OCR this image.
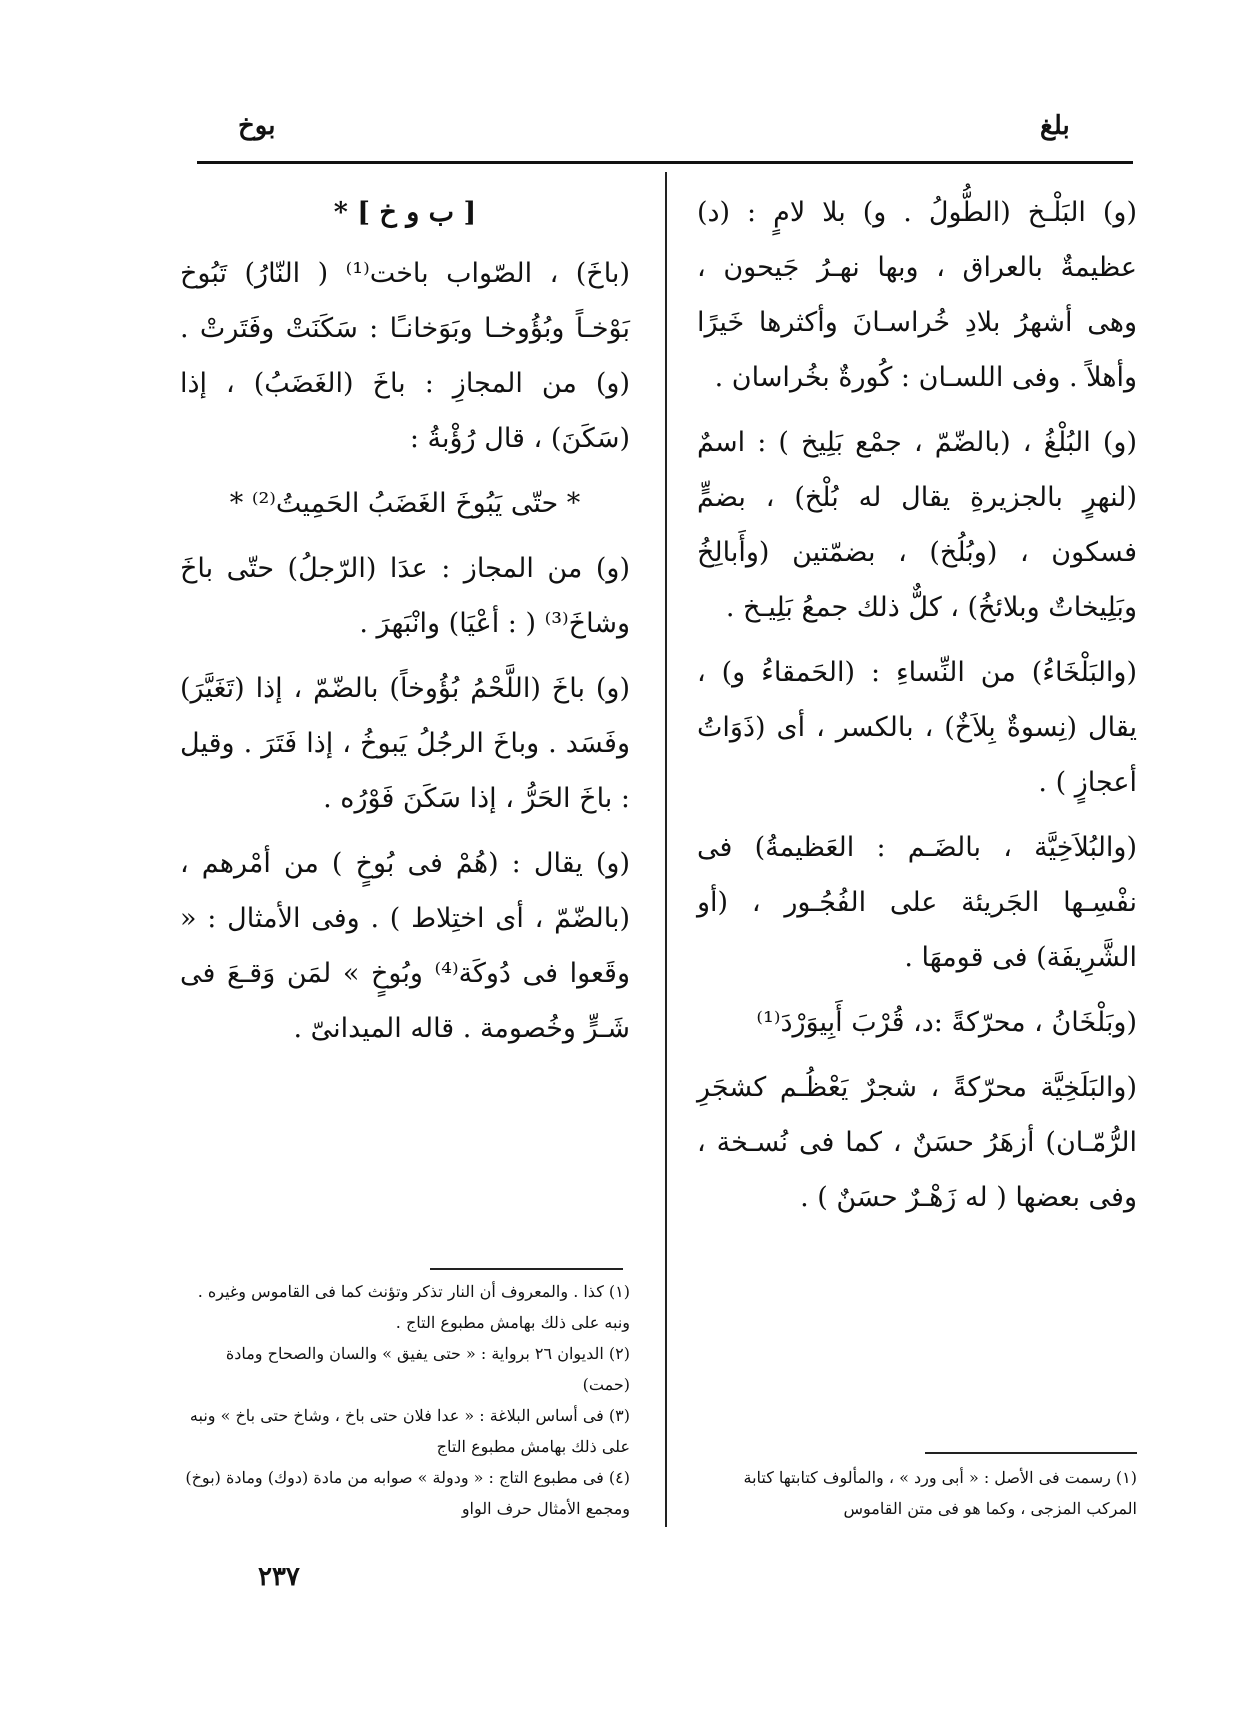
بلغ
بوخ

(و) البَلْـخ (الطُّولُ . و) بلا لامٍ : (د) عظيمةٌ بالعراق ، وبها نهـرُ جَيحون ، وهى أشهرُ بلادِ خُراسـانَ وأكثرها خَيرًا وأهلاً . وفى اللسـان : كُورةٌ بخُراسان .

(و) البُلْغُ ، (بالضّمّ ، جمْع بَلِيخ ) : اسمٌ (لنهرٍ بالجزيرةِ يقال له بُلْخ) ، بضمٍّ فسكون ، (وبُلُخ) ، بضمّتين (وأَبالِخُ وبَلِيخاتٌ وبلائخُ) ، كلٌّ ذلك جمعُ بَلِيـخ .

(والبَلْخَاءُ) من النِّساءِ : (الحَمقاءُ و) ، يقال (نِسوةٌ بِلاَخٌ) ، بالكسر ، أى (ذَوَاتُ أعجازٍ ) .

(والبُلاَخِيَّة ، بالضَـم : العَظيمةُ) فى نفْسِـها الجَريئة على الفُجُـور ، (أو الشَّرِيفَة) فى قومهَا .

(وبَلْخَانُ ، محرّكةً :د، قُرْبَ أَبِيوَرْدَ⁽¹⁾

(والبَلَخِيَّة محرّكةً ، شجرٌ يَعْظُـم كشجَرِ الرُّمّـان) أزهَرُ حسَنٌ ، كما فى نُسـخة ، وفى بعضها ( له زَهْـرٌ حسَنٌ ) .

[ ب و خ ] *

(باخَ) ، الصّواب باخت⁽¹⁾ ( النّارُ) تَبُوخ بَوْخـاً وبُؤُوخـا وبَوَخانـًا : سَكَنَتْ وفَتَرتْ . (و) من المجازِ : باخَ (الغَضَبُ) ، إذا (سَكَنَ) ، قال رُؤْبةُ :

* حتّى يَبُوخَ الغَضَبُ الحَمِيتُ⁽²⁾ *

(و) من المجاز : عدَا (الرّجلُ) حتّى باخَ وشاخَ⁽³⁾ ( : أعْيَا) وانْبَهرَ .

(و) باخَ (اللَّحْمُ بُؤُوخاً) بالضّمّ ، إذا (تَغَيَّرَ) وفَسَد . وباخَ الرجُلُ يَبوخُ ، إذا فَتَرَ . وقيل : باخَ الحَرُّ ، إذا سَكَنَ فَوْرُه .

(و) يقال : (هُمْ فى بُوخٍ ) من أمْرهم ، (بالضّمّ ، أى اختِلاط ) . وفى الأمثال : « وقَعوا فى دُوكَة⁽⁴⁾ وبُوخٍ » لمَن وَقـعَ فى شَـرٍّ وخُصومة . قاله الميدانىّ .

(١) كذا . والمعروف أن النار تذكر وتؤنث كما فى القاموس وغيره . ونبه على ذلك بهامش مطبوع التاج .

(٢) الديوان ٢٦ برواية : « حتى يفيق » والسان والصحاح ومادة (حمت)

(٣) فى أساس البلاغة : « عدا فلان حتى باخ ، وشاخ حتى باخ » ونبه على ذلك بهامش مطبوع التاج

(٤) فى مطبوع التاج : « ودولة » صوابه من مادة (دوك) ومادة (بوخ) ومجمع الأمثال حرف الواو

(١) رسمت فى الأصل : « أبى ورد » ، والمألوف كتابتها كتابة المركب المزجى ، وكما هو فى متن القاموس

٢٣٧
